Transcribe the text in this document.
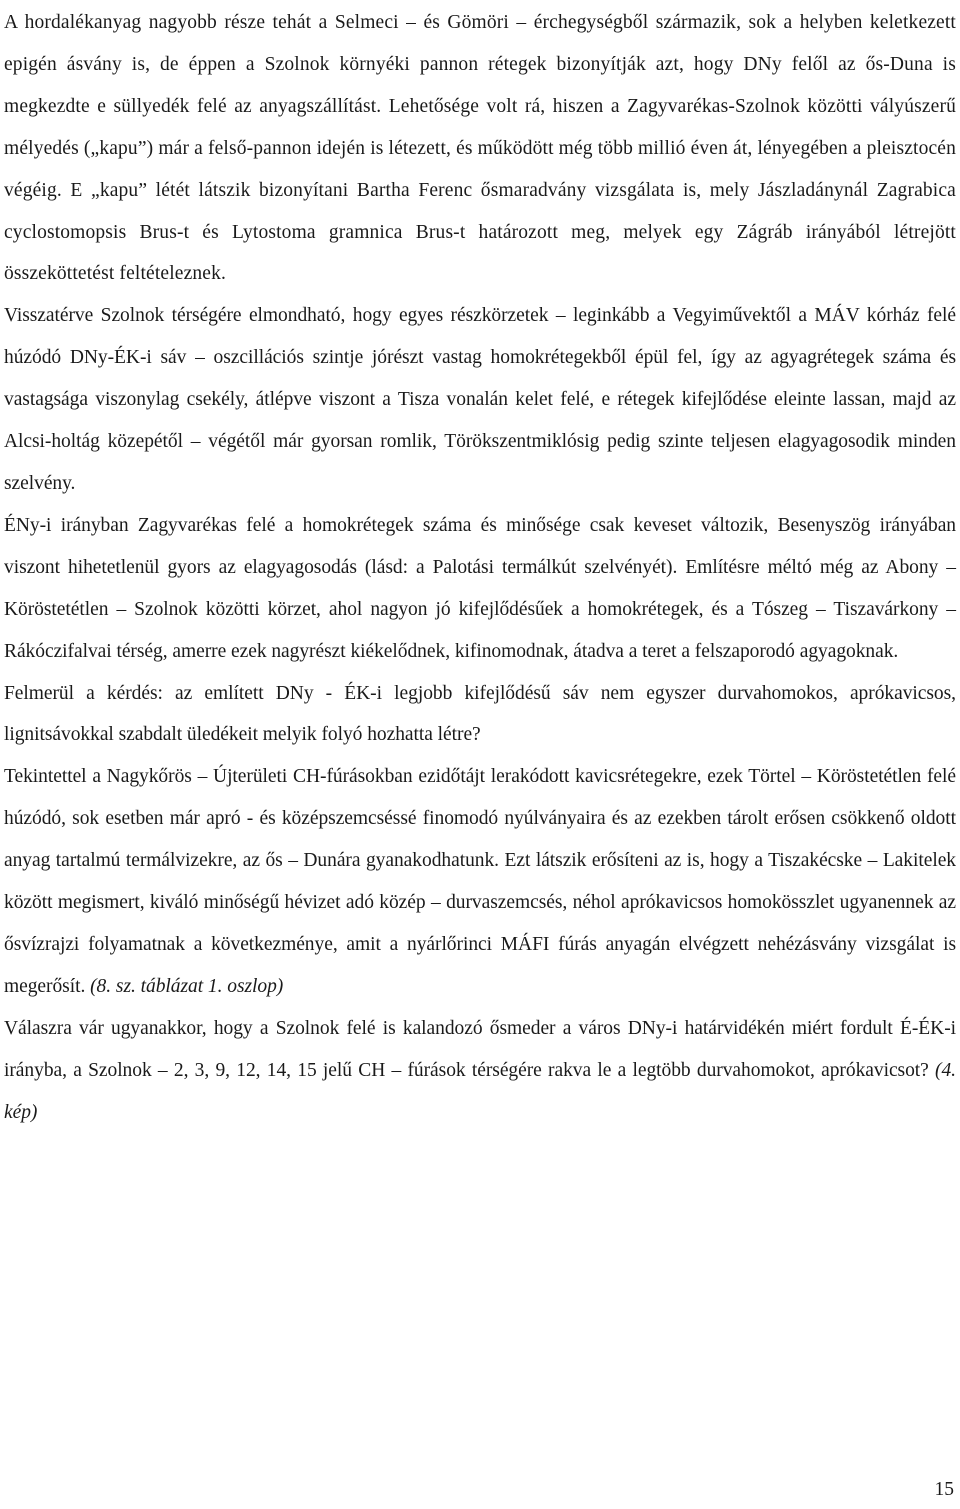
A hordalékanyag nagyobb része tehát a Selmeci – és Gömöri – érchegységből származik, sok a helyben keletkezett epigén ásvány is, de éppen a Szolnok környéki pannon rétegek bizonyítják azt, hogy DNy felől az ős-Duna is megkezdte e süllyedék felé az anyagszállítást. Lehetősége volt rá, hiszen a Zagyvarékas-Szolnok közötti vályúszerű mélyedés („kapu”) már a felső-pannon idején is létezett, és működött még több millió éven át, lényegében a pleisztocén végéig. E „kapu” létét látszik bizonyítani Bartha Ferenc ősmaradvány vizsgálata is, mely Jászladánynál Zagrabica cyclostomopsis Brus-t és Lytostoma gramnica Brus-t határozott meg, melyek egy Zágráb irányából létrejött összeköttetést feltételeznek.

Visszatérve Szolnok térségére elmondható, hogy egyes részkörzetek – leginkább a Vegyiművektől a MÁV kórház felé húzódó DNy-ÉK-i sáv – oszcillációs szintje jórészt vastag homokrétegekből épül fel, így az agyagrétegek száma és vastagsága viszonylag csekély, átlépve viszont a Tisza vonalán kelet felé, e rétegek kifejlődése eleinte lassan, majd az Alcsi-holtág közepétől – végétől már gyorsan romlik, Törökszentmiklósig pedig szinte teljesen elagyagosodik minden szelvény.

ÉNy-i irányban Zagyvarékas felé a homokrétegek száma és minősége csak keveset változik, Besenyszög irányában viszont hihetetlenül gyors az elagyagosodás (lásd: a Palotási termálkút szelvényét). Említésre méltó még az Abony – Köröstetétlen – Szolnok közötti körzet, ahol nagyon jó kifejlődésűek a homokrétegek, és a Tószeg – Tiszavárkony – Rákóczifalvai térség, amerre ezek nagyrészt kiékelődnek, kifinomodnak, átadva a teret a felszaporodó agyagoknak.

Felmerül a kérdés: az említett DNy - ÉK-i legjobb kifejlődésű sáv nem egyszer durvahomokos, aprókavicsos, lignitsávokkal szabdalt üledékeit melyik folyó hozhatta létre?

Tekintettel a Nagykőrös – Újterületi CH-fúrásokban ezidőtájt lerakódott kavicsrétegekre, ezek Törtel – Köröstetétlen felé húzódó, sok esetben már apró - és középszemcséssé finomodó nyúlványaira és az ezekben tárolt erősen csökkenő oldott anyag tartalmú termálvizekre, az ős – Dunára gyanakodhatunk. Ezt látszik erősíteni az is, hogy a Tiszakécske – Lakitelek között megismert, kiváló minőségű hévizet adó közép – durvaszemcsés, néhol aprókavicsos homokösszlet ugyanennek az ősvízrajzi folyamatnak a következménye, amit a nyárlőrinci MÁFI fúrás anyagán elvégzett nehézásvány vizsgálat is megerősít. (8. sz. táblázat 1. oszlop)

Válaszra vár ugyanakkor, hogy a Szolnok felé is kalandozó ősmeder a város DNy-i határvidékén miért fordult É-ÉK-i irányba, a Szolnok – 2, 3, 9, 12, 14, 15 jelű CH – fúrások térségére rakva le a legtöbb durvahomokot, aprókavicsot? (4. kép)

15
